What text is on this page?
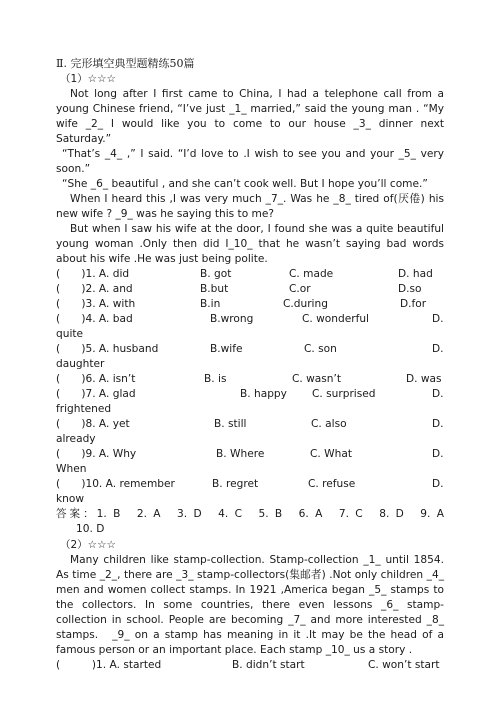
Ⅱ. 完形填空典型题精练50篇
（1）☆☆☆

Not long after I first came to China, I had a telephone call from a young Chinese friend, “I’ve just _1_ married,” said the young man . “My wife _2_ I would like you to come to our house _3_ dinner next Saturday.”

“That’s _4_ ,” I said. “I’d love to .I wish to see you and your _5_ very soon.”

“She _6_ beautiful , and she can’t cook well. But I hope you’ll come.”

When I heard this ,I was very much _7_. Was he _8_ tired of(厌倦) his new wife ? _9_ was he saying this to me?

But when I saw his wife at the door, I found she was a quite beautiful young woman .Only then did I_10_ that he wasn’t saying bad words about his wife .He was just being polite.

(　　)1. A. did	B. got	C. made	D. had
(　　)2. A. and	B.but	C.or	D.so
(　　)3. A. with	B.in	C.during	D.for
(　　)4. A. bad	B.wrong	C. wonderful	D.
quite
(　　)5. A. husband	B.wife	C. son	D.
daughter
(　　)6. A. isn’t	B. is	C. wasn’t	D. was
(　　)7. A. glad	B. happy C. surprised	D.
frightened
(　　)8. A. yet	B. still	C. also	D.
already
(　　)9. A. Why	B. Where	C. What	D.
When
(　　)10. A. remember	B. regret	C. refuse	D.
know
答案：1. B　2. A　3. D　4. C　5. B　6. A　7. C　8. D　9. A
10. D
（2）☆☆☆

Many children like stamp-collection. Stamp-collection _1_ until 1854. As time _2_, there are _3_ stamp-collectors(集邮者) .Not only children _4_ men and women collect stamps. In 1921 ,America began _5_ stamps to the collectors. In some countries, there even lessons _6_ stamp-collection in school. People are becoming _7_ and more interested _8_ stamps.　_9_ on a stamp has meaning in it .It may be the head of a famous person or an important place. Each stamp _10_ us a story .

(　　　)1. A. started	B. didn’t start	C. won’t start
